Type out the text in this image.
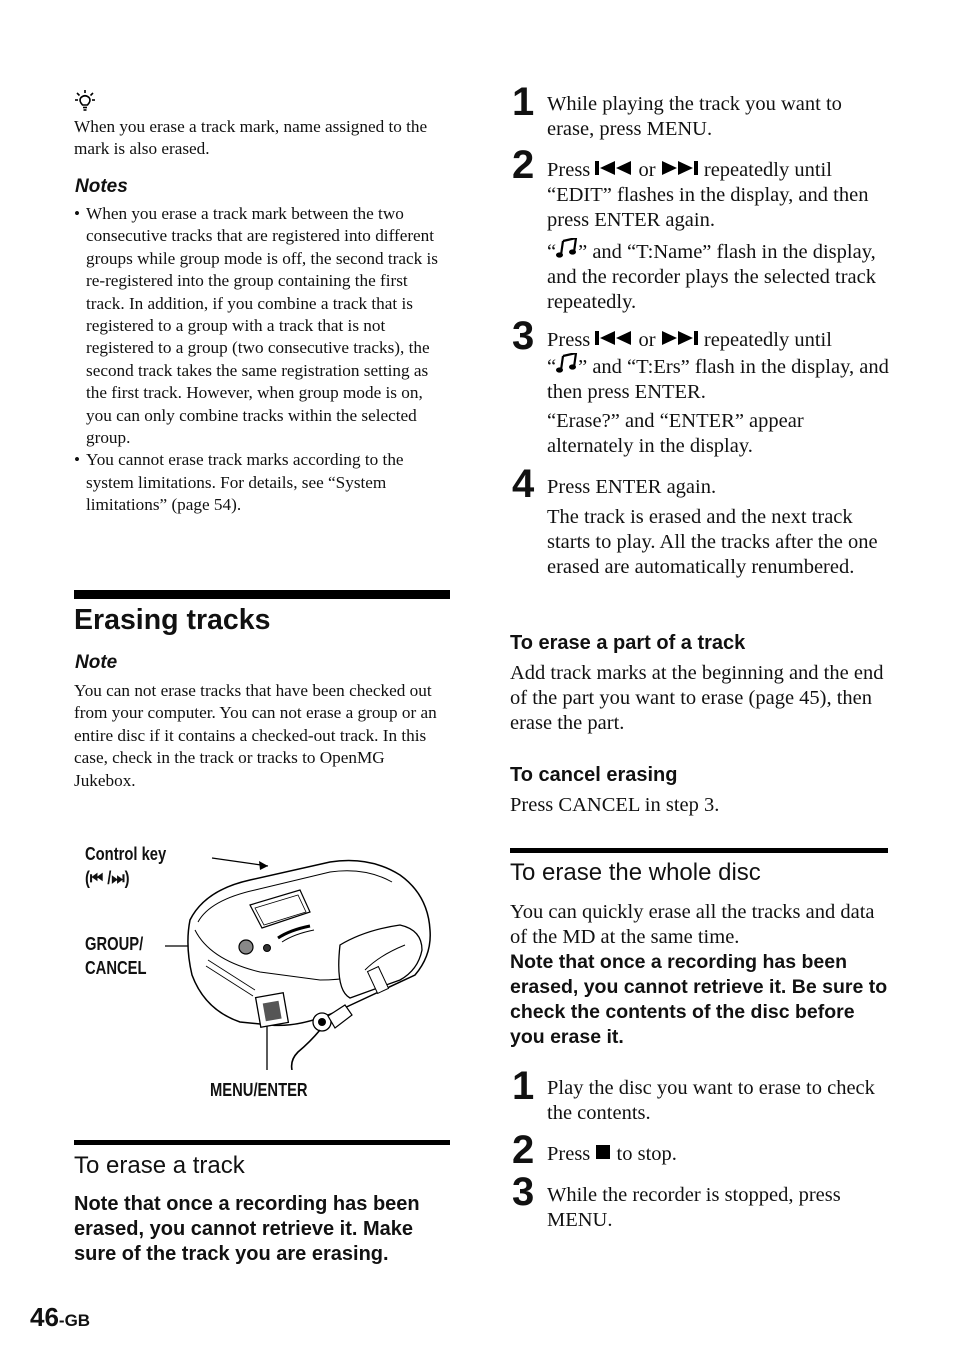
When you erase a track mark, name assigned to the mark is also erased.
Notes
• When you erase a track mark between the two consecutive tracks that are registered into different groups while group mode is off, the second track is re-registered into the group containing the first track. In addition, if you combine a track that is registered to a group with a track that is not registered to a group (two consecutive tracks), the second track takes the same registration setting as the first track. However, when group mode is on, you can only combine tracks within the selected group.
• You cannot erase track marks according to the system limitations. For details, see “System limitations” (page 54).
Erasing tracks
Note
You can not erase tracks that have been checked out from your computer. You can not erase a group or an entire disc if it contains a checked-out track. In this case, check in the track or tracks to OpenMG Jukebox.
Control key
(⏮ /⏭)
GROUP/
CANCEL
MENU/ENTER
To erase a track
Note that once a recording has been erased, you cannot retrieve it. Make sure of the track you are erasing.
46-GB
1 While playing the track you want to erase, press MENU.
2 Press or repeatedly until “EDIT” flashes in the display, and then press ENTER again.
“ ” and “T:Name” flash in the display, and the recorder plays the selected track repeatedly.
3 Press or repeatedly until
“ ” and “T:Ers” flash in the display, and then press ENTER.
“Erase?” and “ENTER” appear alternately in the display.
4 Press ENTER again.
The track is erased and the next track starts to play. All the tracks after the one erased are automatically renumbered.
To erase a part of a track
Add track marks at the beginning and the end of the part you want to erase (page 45), then erase the part.
To cancel erasing
Press CANCEL in step 3.
To erase the whole disc
You can quickly erase all the tracks and data of the MD at the same time.
Note that once a recording has been erased, you cannot retrieve it. Be sure to check the contents of the disc before you erase it.
1 Play the disc you want to erase to check the contents.
2 Press to stop.
3 While the recorder is stopped, press MENU.
